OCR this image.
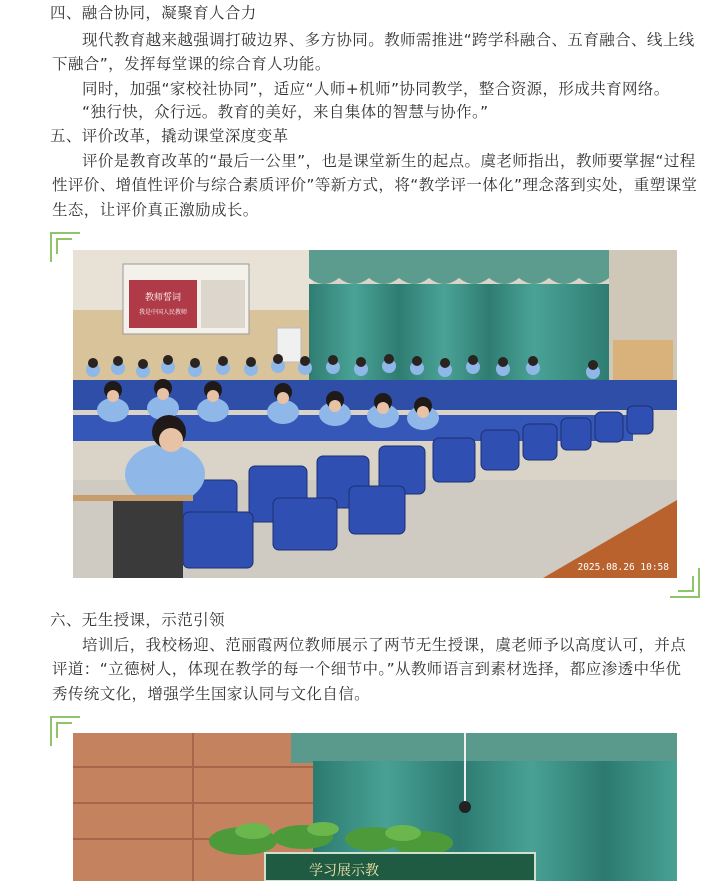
四、融合协同，凝聚育人合力
现代教育越来越强调打破边界、多方协同。教师需推进“跨学科融合、五育融合、线上线
下融合”，发挥每堂课的综合育人功能。
同时，加强“家校社协同”，适应“人师+机师”协同教学，整合资源，形成共育网络。
“独行快，众行远。教育的美好，来自集体的智慧与协作。”
五、评价改革，撬动课堂深度变革
评价是教育改革的“最后一公里”，也是课堂新生的起点。虞老师指出，教师要掌握“过程
性评价、增值性评价与综合素质评价”等新方式，将“教学评一体化”理念落到实处，重塑课堂
生态，让评价真正激励成长。
教师誓词
我是中国人民教师
2025.08.26 10:58
六、无生授课，示范引领
培训后，我校杨迎、范丽霞两位教师展示了两节无生授课，虞老师予以高度认可，并点
评道：“立德树人，体现在教学的每一个细节中。”从教师语言到素材选择，都应渗透中华优
秀传统文化，增强学生国家认同与文化自信。
学习展示教
